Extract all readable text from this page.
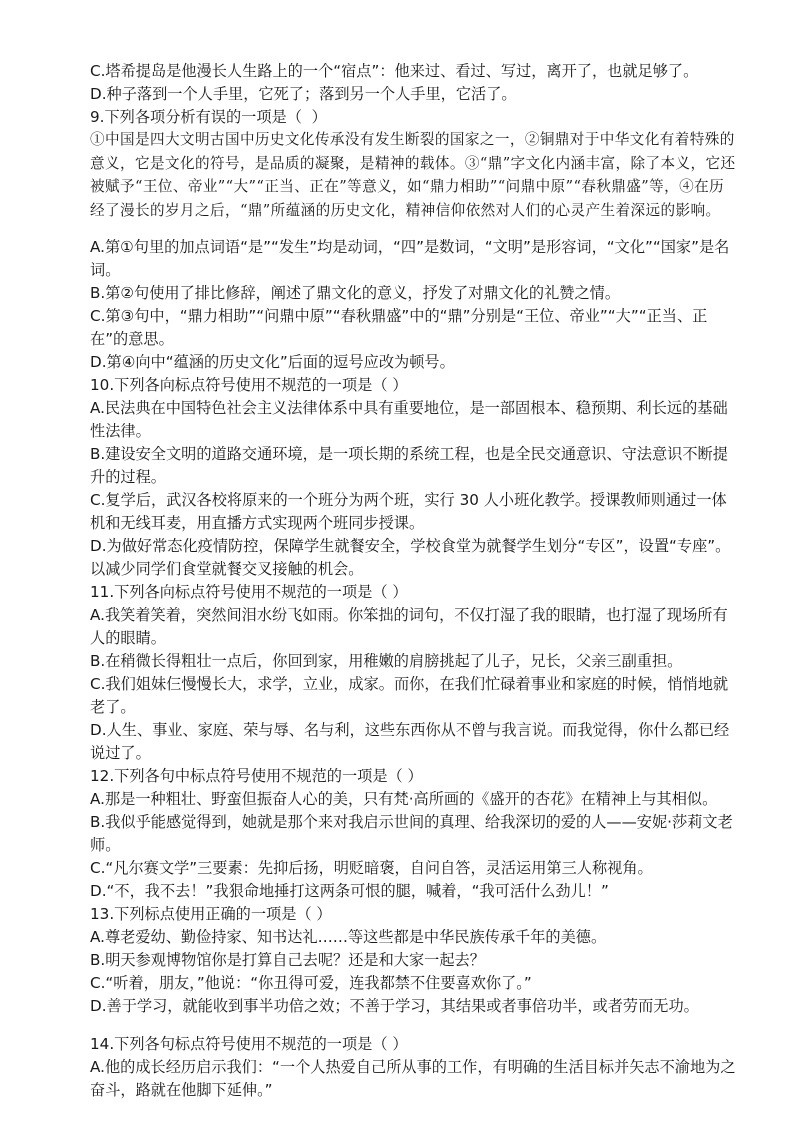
C.塔希提岛是他漫长人生路上的一个“宿点”：他来过、看过、写过，离开了，也就足够了。

D.种子落到一个人手里，它死了；落到另一个人手里，它活了。

9.下列各项分析有误的一项是（  ）

①中国是四大文明古国中历史文化传承没有发生断裂的国家之一，②铜鼎对于中华文化有着特殊的意义，它是文化的符号，是品质的凝聚，是精神的载体。③“鼎”字文化内涵丰富，除了本义，它还被赋予“王位、帝业”“大”“正当、正在”等意义，如“鼎力相助”“问鼎中原”“春秋鼎盛”等，④在历经了漫长的岁月之后，“鼎”所蕴涵的历史文化，精神信仰依然对人们的心灵产生着深远的影响。

A.第①句里的加点词语“是”“发生”均是动词，“四”是数词，“文明”是形容词，“文化”“国家”是名词。

B.第②句使用了排比修辞，阐述了鼎文化的意义，抒发了对鼎文化的礼赞之情。

C.第③句中，“鼎力相助”“问鼎中原”“春秋鼎盛”中的“鼎”分别是“王位、帝业”“大”“正当、正在”的意思。

D.第④向中“蕴涵的历史文化”后面的逗号应改为顿号。

10.下列各向标点符号使用不规范的一项是（ ）

A.民法典在中国特色社会主义法律体系中具有重要地位，是一部固根本、稳预期、利长远的基础性法律。

B.建设安全文明的道路交通环境，是一项长期的系统工程，也是全民交通意识、守法意识不断提升的过程。

C.复学后，武汉各校将原来的一个班分为两个班，实行 30 人小班化教学。授课教师则通过一体机和无线耳麦，用直播方式实现两个班同步授课。

D.为做好常态化疫情防控，保障学生就餐安全，学校食堂为就餐学生划分“专区”，设置“专座”。以减少同学们食堂就餐交叉接触的机会。

11.下列各向标点符号使用不规范的一项是（ ）

A.我笑着笑着，突然间泪水纷飞如雨。你笨拙的词句，不仅打湿了我的眼睛，也打湿了现场所有人的眼睛。

B.在稍微长得粗壮一点后，你回到家，用稚嫩的肩膀挑起了儿子，兄长，父亲三副重担。

C.我们姐妹仨慢慢长大，求学，立业，成家。而你，在我们忙碌着事业和家庭的时候，悄悄地就老了。

D.人生、事业、家庭、荣与辱、名与利，这些东西你从不曾与我言说。而我觉得，你什么都已经说过了。

12.下列各句中标点符号使用不规范的一项是（ ）

A.那是一种粗壮、野蛮但振奋人心的美，只有梵·高所画的《盛开的杏花》在精神上与其相似。

B.我似乎能感觉得到，她就是那个来对我启示世间的真理、给我深切的爱的人——安妮·莎莉文老师。

C.“凡尔赛文学”三要素：先抑后扬，明贬暗褒，自问自答，灵活运用第三人称视角。

D.“不，我不去！”我狠命地捶打这两条可恨的腿，喊着，“我可活什么劲儿！”

13.下列标点使用正确的一项是（ ）

A.尊老爱幼、勤俭持家、知书达礼……等这些都是中华民族传承千年的美德。

B.明天参观博物馆你是打算自己去呢？还是和大家一起去？

C.“听着，朋友，”他说：“你丑得可爱，连我都禁不住要喜欢你了。”

D.善于学习，就能收到事半功倍之效；不善于学习，其结果或者事倍功半，或者劳而无功。

14.下列各句标点符号使用不规范的一项是（ ）

A.他的成长经历启示我们：“一个人热爱自己所从事的工作，有明确的生活目标并矢志不渝地为之奋斗，路就在他脚下延伸。”
